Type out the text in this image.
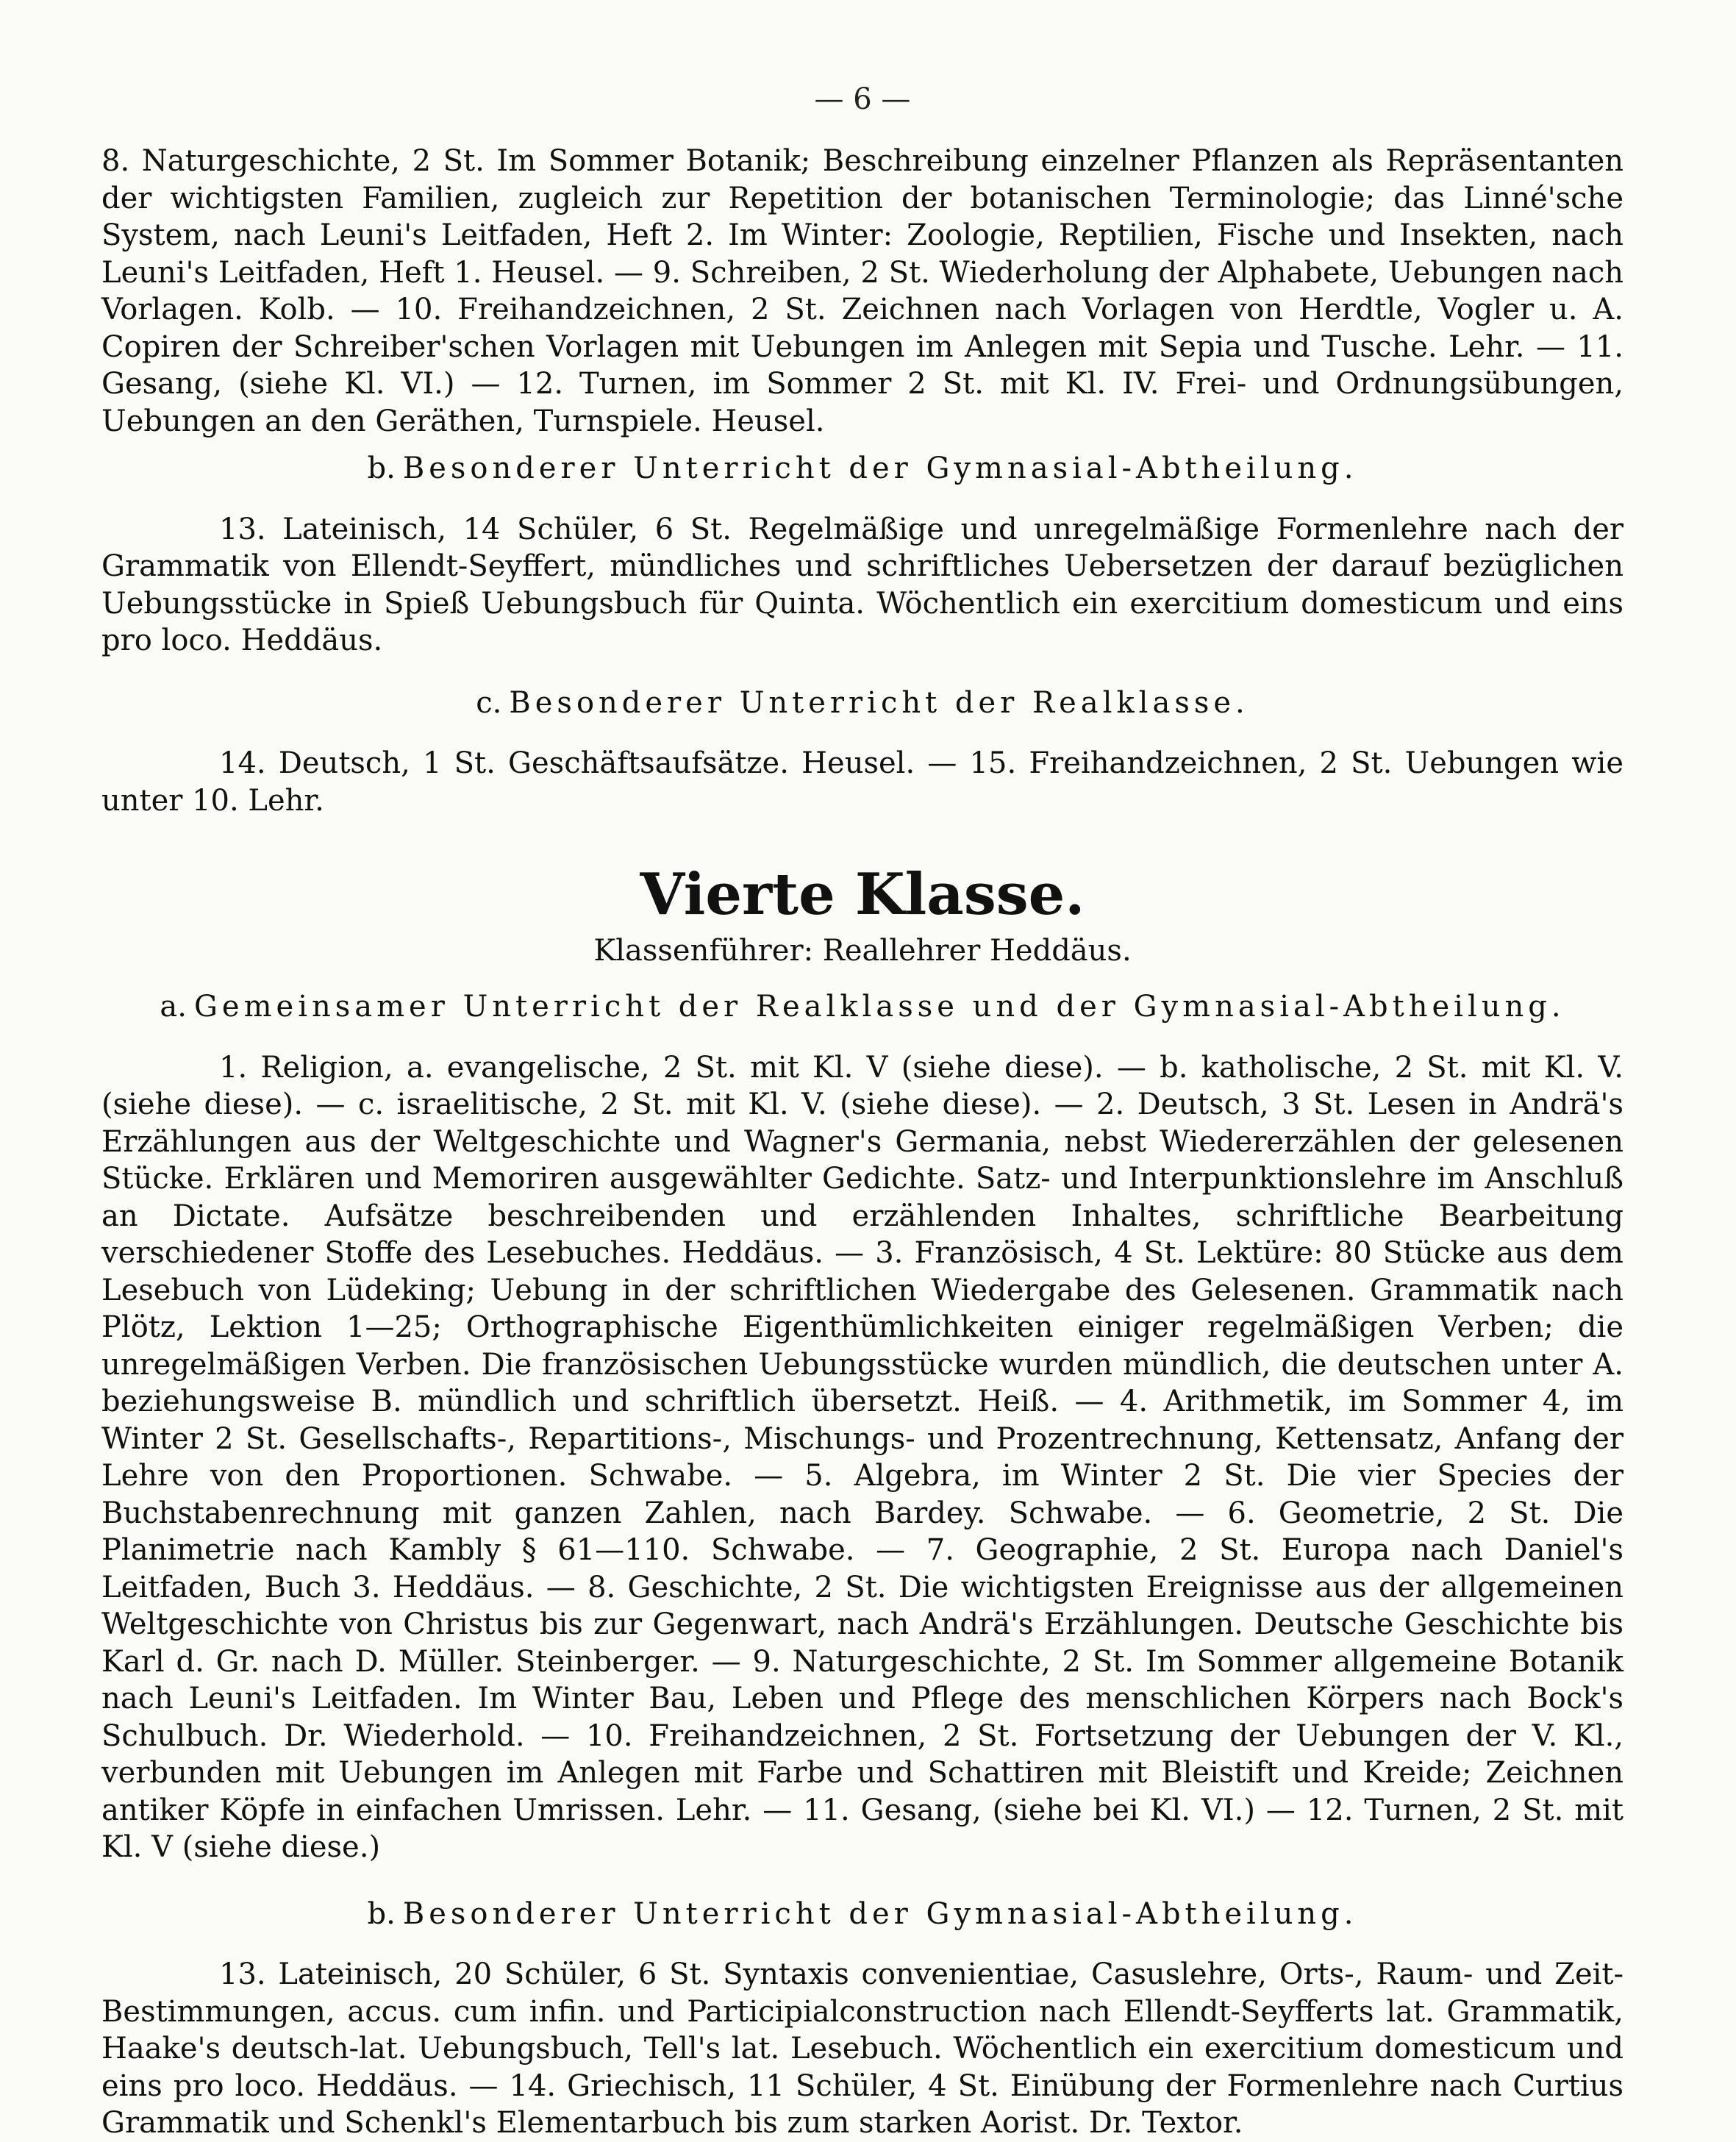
— 6 —

8. Naturgeschichte, 2 St. Im Sommer Botanik; Beschreibung einzelner Pflanzen als Repräsentanten der wichtigsten Familien, zugleich zur Repetition der botanischen Terminologie; das Linné'sche System, nach Leuni's Leitfaden, Heft 2. Im Winter: Zoologie, Reptilien, Fische und Insekten, nach Leuni's Leitfaden, Heft 1. Heusel. — 9. Schreiben, 2 St. Wiederholung der Alphabete, Uebungen nach Vorlagen. Kolb. — 10. Freihandzeichnen, 2 St. Zeichnen nach Vorlagen von Herdtle, Vogler u. A. Copiren der Schreiber'schen Vorlagen mit Uebungen im Anlegen mit Sepia und Tusche. Lehr. — 11. Gesang, (siehe Kl. VI.) — 12. Turnen, im Sommer 2 St. mit Kl. IV. Frei- und Ordnungsübungen, Uebungen an den Geräthen, Turnspiele. Heusel.

b. Besonderer Unterricht der Gymnasial-Abtheilung.

13. Lateinisch, 14 Schüler, 6 St. Regelmäßige und unregelmäßige Formenlehre nach der Grammatik von Ellendt-Seyffert, mündliches und schriftliches Uebersetzen der darauf bezüglichen Uebungsstücke in Spieß Uebungsbuch für Quinta. Wöchentlich ein exercitium domesticum und eins pro loco. Heddäus.

c. Besonderer Unterricht der Realklasse.

14. Deutsch, 1 St. Geschäftsaufsätze. Heusel. — 15. Freihandzeichnen, 2 St. Uebungen wie unter 10. Lehr.

Vierte Klasse.
Klassenführer: Reallehrer Heddäus.
a. Gemeinsamer Unterricht der Realklasse und der Gymnasial-Abtheilung.

1. Religion, a. evangelische, 2 St. mit Kl. V (siehe diese). — b. katholische, 2 St. mit Kl. V. (siehe diese). — c. israelitische, 2 St. mit Kl. V. (siehe diese). — 2. Deutsch, 3 St. Lesen in Andrä's Erzählungen aus der Weltgeschichte und Wagner's Germania, nebst Wiedererzählen der gelesenen Stücke. Erklären und Memoriren ausgewählter Gedichte. Satz- und Interpunktionslehre im Anschluß an Dictate. Aufsätze beschreibenden und erzählenden Inhaltes, schriftliche Bearbeitung verschiedener Stoffe des Lesebuches. Heddäus. — 3. Französisch, 4 St. Lektüre: 80 Stücke aus dem Lesebuch von Lüdeking; Uebung in der schriftlichen Wiedergabe des Gelesenen. Grammatik nach Plötz, Lektion 1—25; Orthographische Eigenthümlichkeiten einiger regelmäßigen Verben; die unregelmäßigen Verben. Die französischen Uebungsstücke wurden mündlich, die deutschen unter A. beziehungsweise B. mündlich und schriftlich übersetzt. Heiß. — 4. Arithmetik, im Sommer 4, im Winter 2 St. Gesellschafts-, Repartitions-, Mischungs- und Prozentrechnung, Kettensatz, Anfang der Lehre von den Proportionen. Schwabe. — 5. Algebra, im Winter 2 St. Die vier Species der Buchstabenrechnung mit ganzen Zahlen, nach Bardey. Schwabe. — 6. Geometrie, 2 St. Die Planimetrie nach Kambly § 61—110. Schwabe. — 7. Geographie, 2 St. Europa nach Daniel's Leitfaden, Buch 3. Heddäus. — 8. Geschichte, 2 St. Die wichtigsten Ereignisse aus der allgemeinen Weltgeschichte von Christus bis zur Gegenwart, nach Andrä's Erzählungen. Deutsche Geschichte bis Karl d. Gr. nach D. Müller. Steinberger. — 9. Naturgeschichte, 2 St. Im Sommer allgemeine Botanik nach Leuni's Leitfaden. Im Winter Bau, Leben und Pflege des menschlichen Körpers nach Bock's Schulbuch. Dr. Wiederhold. — 10. Freihandzeichnen, 2 St. Fortsetzung der Uebungen der V. Kl., verbunden mit Uebungen im Anlegen mit Farbe und Schattiren mit Bleistift und Kreide; Zeichnen antiker Köpfe in einfachen Umrissen. Lehr. — 11. Gesang, (siehe bei Kl. VI.) — 12. Turnen, 2 St. mit Kl. V (siehe diese.)

b. Besonderer Unterricht der Gymnasial-Abtheilung.

13. Lateinisch, 20 Schüler, 6 St. Syntaxis convenientiae, Casuslehre, Orts-, Raum- und Zeit-Bestimmungen, accus. cum infin. und Participialconstruction nach Ellendt-Seyfferts lat. Grammatik, Haake's deutsch-lat. Uebungsbuch, Tell's lat. Lesebuch. Wöchentlich ein exercitium domesticum und eins pro loco. Heddäus. — 14. Griechisch, 11 Schüler, 4 St. Einübung der Formenlehre nach Curtius Grammatik und Schenkl's Elementarbuch bis zum starken Aorist. Dr. Textor.
